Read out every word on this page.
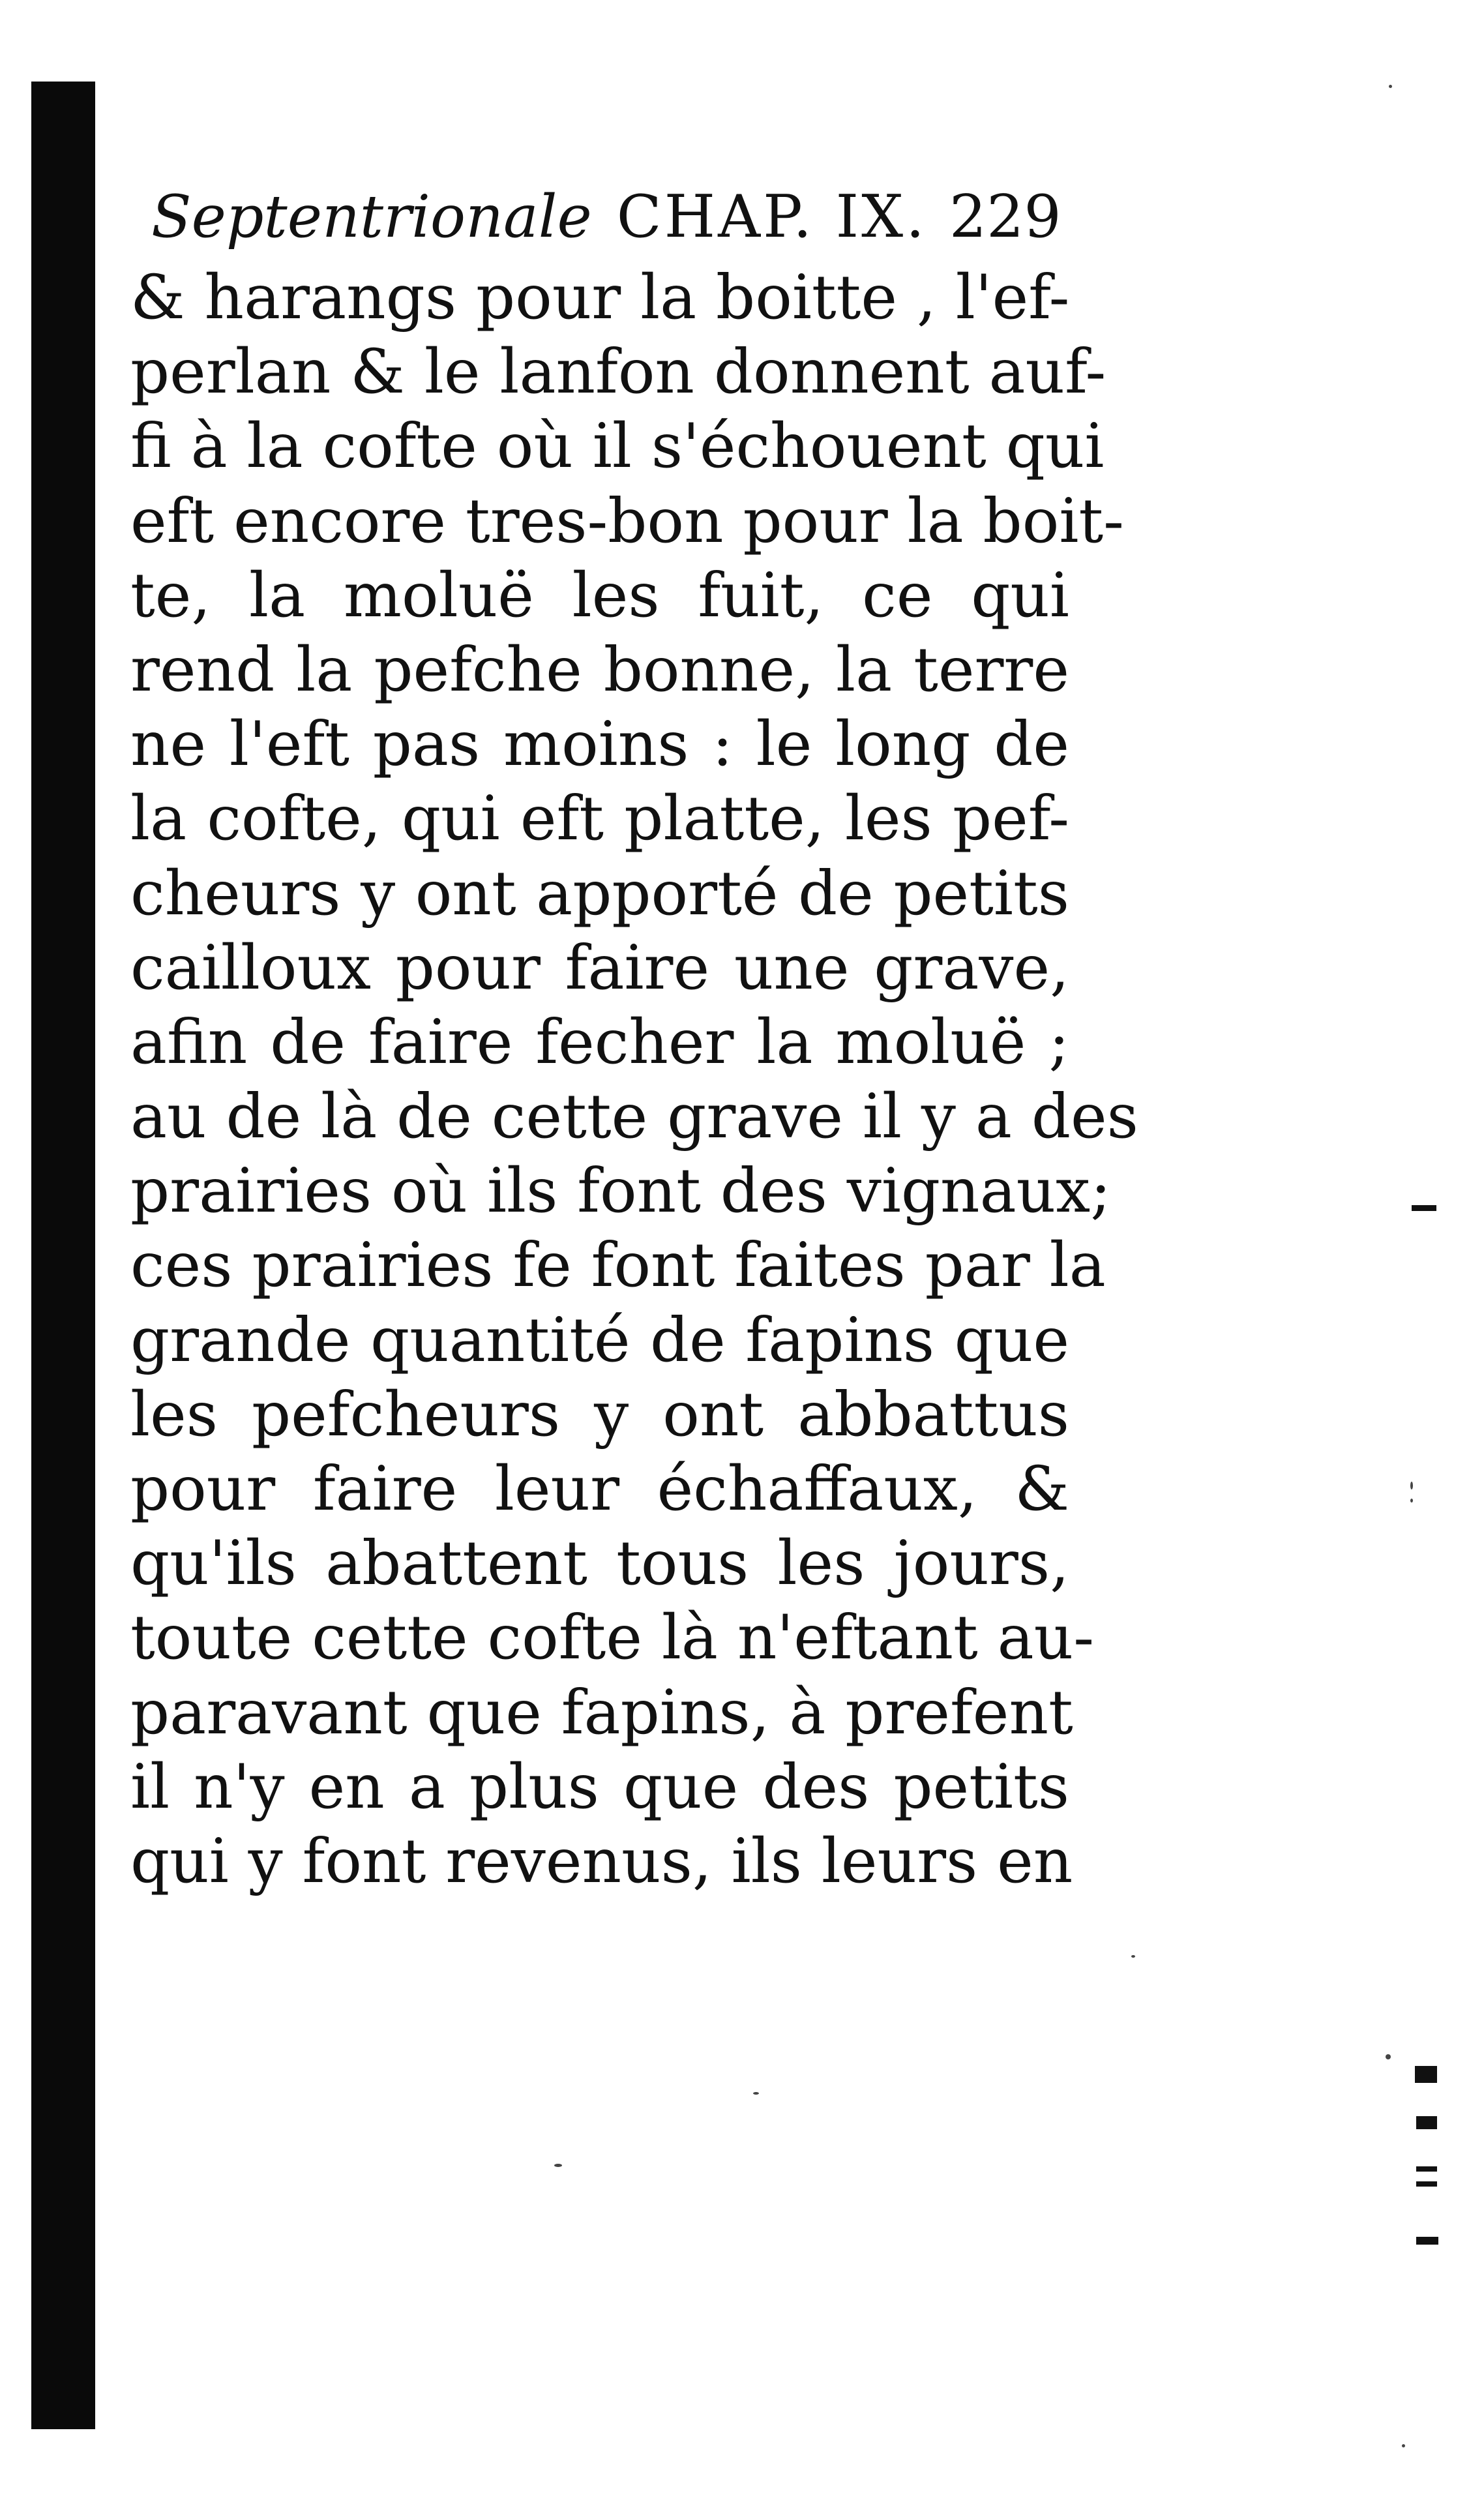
Septentrionale CHAP. IX. 229
& harangs pour la boitte , l'ef-
perlan & le lanfon donnent auf-
fi à la cofte où il s'échouent qui
eft encore tres-bon pour la boit-
te, la moluë les fuit, ce qui
rend la pefche bonne, la terre
ne l'eft pas moins : le long de
la cofte, qui eft platte, les pef-
cheurs y ont apporté de petits
cailloux pour faire une grave,
afin de faire fecher la moluë ;
au de là de cette grave il y a des
prairies où ils font des vignaux;
ces prairies fe font faites par la
grande quantité de fapins que
les pefcheurs y ont abbattus
pour faire leur échaffaux, &
qu'ils abattent tous les jours,
toute cette cofte là n'eftant au-
paravant que fapins, à prefent
il n'y en a plus que des petits
qui y font revenus, ils leurs en
